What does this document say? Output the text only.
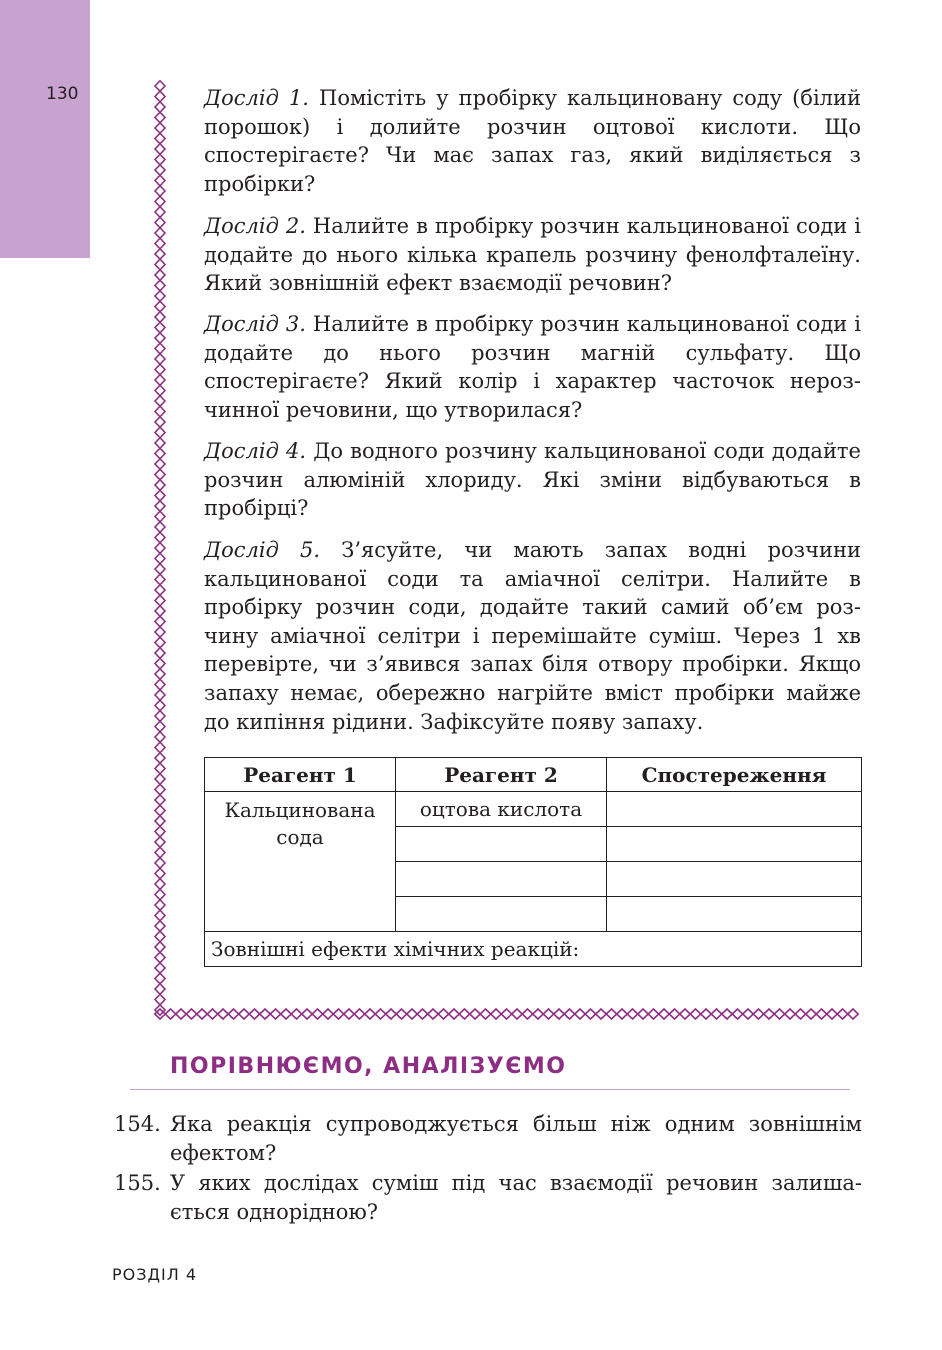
130	Дослід 1. Помістіть у пробірку кальциновану соду (білий порошок) і долийте розчин оцтової кислоти. Що спостерігаєте? Чи має запах газ, який виділяється з пробірки?

Дослід 2. Налийте в пробірку розчин кальцинованої соди і додайте до нього кілька крапель розчину фенолфталеїну. Який зовнішній ефект взаємодії речовин?

Дослід 3. Налийте в пробірку розчин кальцинованої соди і додайте до нього розчин магній сульфату. Що спостерігаєте? Який колір і характер часточок нерозчинної речовини, що утворилася?

Дослід 4. До водного розчину кальцинованої соди додайте розчин алюміній хлориду. Які зміни відбуваються в пробірці?

Дослід 5. З’ясуйте, чи мають запах водні розчини кальцинованої соди та аміачної селітри. Налийте в пробірку розчин соди, додайте такий самий об’єм розчину аміачної селітри і перемішайте суміш. Через 1 хв перевірте, чи з’явився запах біля отвору пробірки. Якщо запаху немає, обережно нагрійте вміст пробірки майже до кипіння рідини. Зафіксуйте появу запаху.

Реагент 1	Реагент 2	Спостереження
Кальцинована сода	оцтова кислота	

Зовнішні ефекти хімічних реакцій:		
ПОРІВНЮЄМО, АНАЛІЗУЄМО
154. Яка реакція супроводжується більш ніж одним зовнішнім ефектом?
155. У яких дослідах суміш під час взаємодії речовин залишається однорідною?
РОЗДІЛ 4
